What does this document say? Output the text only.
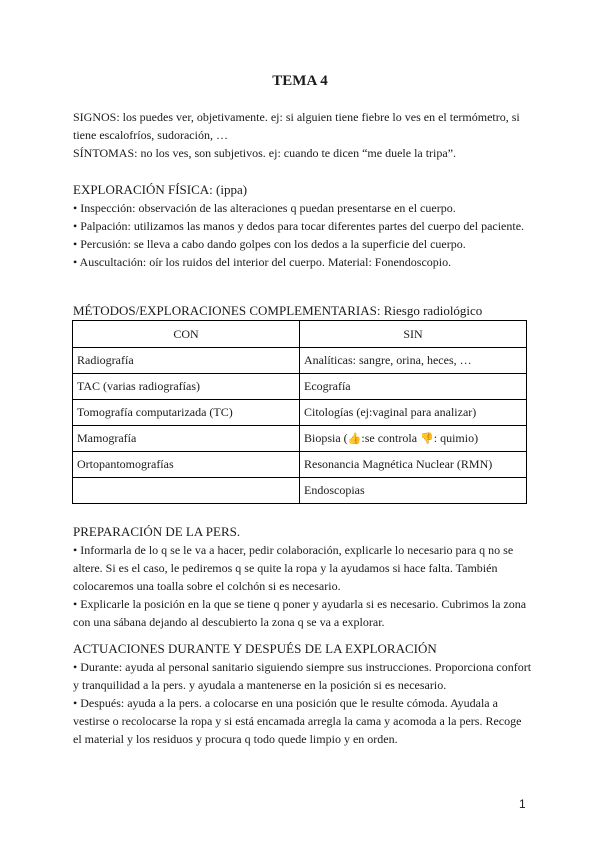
TEMA 4

SIGNOS: los puedes ver, objetivamente. ej: si alguien tiene fiebre lo ves en el termómetro, si tiene escalofríos, sudoración, …

SÍNTOMAS: no los ves, son subjetivos. ej: cuando te dicen “me duele la tripa”.

EXPLORACIÓN FÍSICA: (ippa)

• Inspección: observación de las alteraciones q puedan presentarse en el cuerpo.

• Palpación: utilizamos las manos y dedos para tocar diferentes partes del cuerpo del paciente.

• Percusión: se lleva a cabo dando golpes con los dedos a la superficie del cuerpo.

• Auscultación: oír los ruidos del interior del cuerpo. Material: Fonendoscopio.

MÉTODOS/EXPLORACIONES COMPLEMENTARIAS: Riesgo radiológico

CON	SIN
Radiografía	Analíticas: sangre, orina, heces, …
TAC (varias radiografías)	Ecografía
Tomografía computarizada (TC)	Citologías (ej:vaginal para analizar)
Mamografía	Biopsia (👍:se controla 👎: quimio)
Ortopantomografías	Resonancia Magnética Nuclear (RMN)
	Endoscopias

PREPARACIÓN DE LA PERS.

• Informarla de lo q se le va a hacer, pedir colaboración, explicarle lo necesario para q no se altere. Si es el caso, le pediremos q se quite la ropa y la ayudamos si hace falta. También colocaremos una toalla sobre el colchón si es necesario.

• Explicarle la posición en la que se tiene q poner y ayudarla si es necesario. Cubrimos la zona con una sábana dejando al descubierto la zona q se va a explorar.

ACTUACIONES DURANTE Y DESPUÉS DE LA EXPLORACIÓN

• Durante: ayuda al personal sanitario siguiendo siempre sus instrucciones. Proporciona confort y tranquilidad a la pers. y ayudala a mantenerse en la posición si es necesario.

• Después: ayuda a la pers. a colocarse en una posición que le resulte cómoda. Ayudala a vestirse o recolocarse la ropa y si está encamada arregla la cama y acomoda a la pers. Recoge el material y los residuos y procura q todo quede limpio y en orden.

1
